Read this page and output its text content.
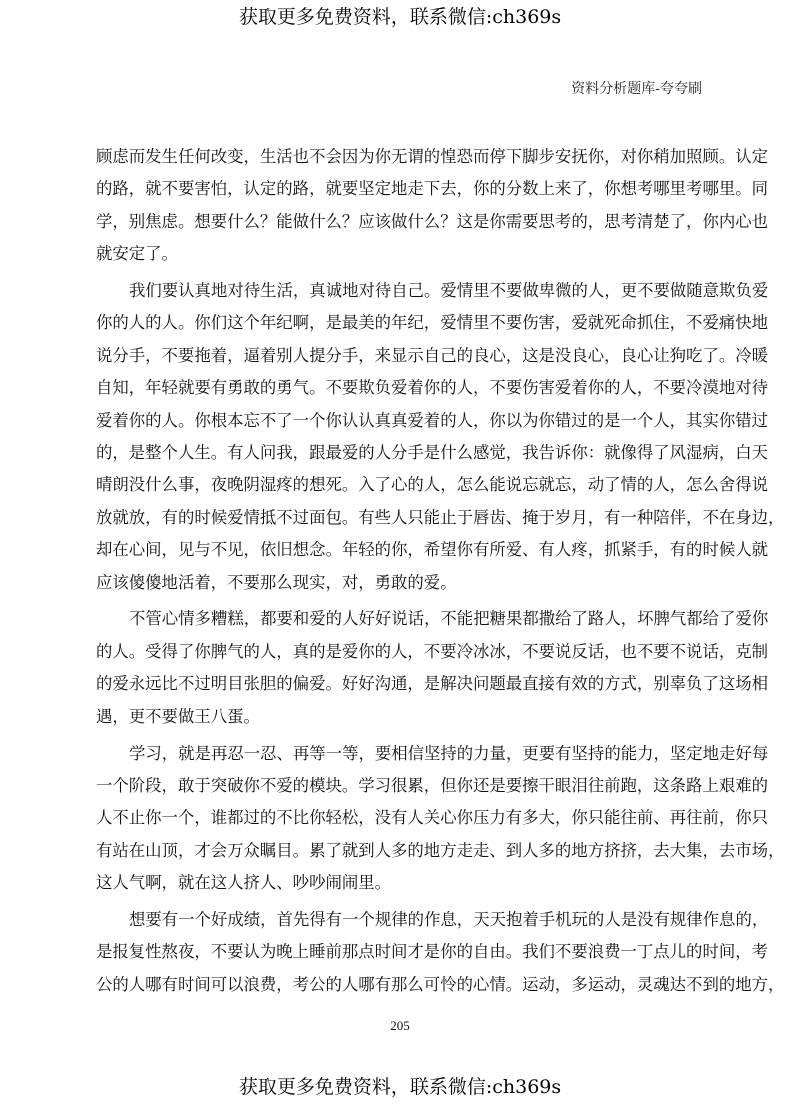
获取更多免费资料，联系微信:ch369s
资料分析题库-夸夸刷
顾虑而发生任何改变，生活也不会因为你无谓的惶恐而停下脚步安抚你，对你稍加照顾。认定
的路，就不要害怕，认定的路，就要坚定地走下去，你的分数上来了，你想考哪里考哪里。同
学，别焦虑。想要什么？能做什么？应该做什么？这是你需要思考的，思考清楚了，你内心也
就安定了。
我们要认真地对待生活，真诚地对待自己。爱情里不要做卑微的人，更不要做随意欺负爱
你的人的人。你们这个年纪啊，是最美的年纪，爱情里不要伤害，爱就死命抓住，不爱痛快地
说分手，不要拖着，逼着别人提分手，来显示自己的良心，这是没良心，良心让狗吃了。冷暖
自知，年轻就要有勇敢的勇气。不要欺负爱着你的人，不要伤害爱着你的人，不要冷漠地对待
爱着你的人。你根本忘不了一个你认认真真爱着的人，你以为你错过的是一个人，其实你错过
的，是整个人生。有人问我，跟最爱的人分手是什么感觉，我告诉你：就像得了风湿病，白天
晴朗没什么事，夜晚阴湿疼的想死。入了心的人，怎么能说忘就忘，动了情的人，怎么舍得说
放就放，有的时候爱情抵不过面包。有些人只能止于唇齿、掩于岁月，有一种陪伴，不在身边，
却在心间，见与不见，依旧想念。年轻的你，希望你有所爱、有人疼，抓紧手，有的时候人就
应该傻傻地活着，不要那么现实，对，勇敢的爱。
不管心情多糟糕，都要和爱的人好好说话，不能把糖果都撒给了路人，坏脾气都给了爱你
的人。受得了你脾气的人，真的是爱你的人，不要冷冰冰，不要说反话，也不要不说话，克制
的爱永远比不过明目张胆的偏爱。好好沟通，是解决问题最直接有效的方式，别辜负了这场相
遇，更不要做王八蛋。
学习，就是再忍一忍、再等一等，要相信坚持的力量，更要有坚持的能力，坚定地走好每
一个阶段，敢于突破你不爱的模块。学习很累，但你还是要擦干眼泪往前跑，这条路上艰难的
人不止你一个，谁都过的不比你轻松，没有人关心你压力有多大，你只能往前、再往前，你只
有站在山顶，才会万众瞩目。累了就到人多的地方走走、到人多的地方挤挤，去大集，去市场，
这人气啊，就在这人挤人、吵吵闹闹里。
想要有一个好成绩，首先得有一个规律的作息，天天抱着手机玩的人是没有规律作息的，
是报复性熬夜，不要认为晚上睡前那点时间才是你的自由。我们不要浪费一丁点儿的时间，考
公的人哪有时间可以浪费，考公的人哪有那么可怜的心情。运动，多运动，灵魂达不到的地方，
205
获取更多免费资料，联系微信:ch369s
